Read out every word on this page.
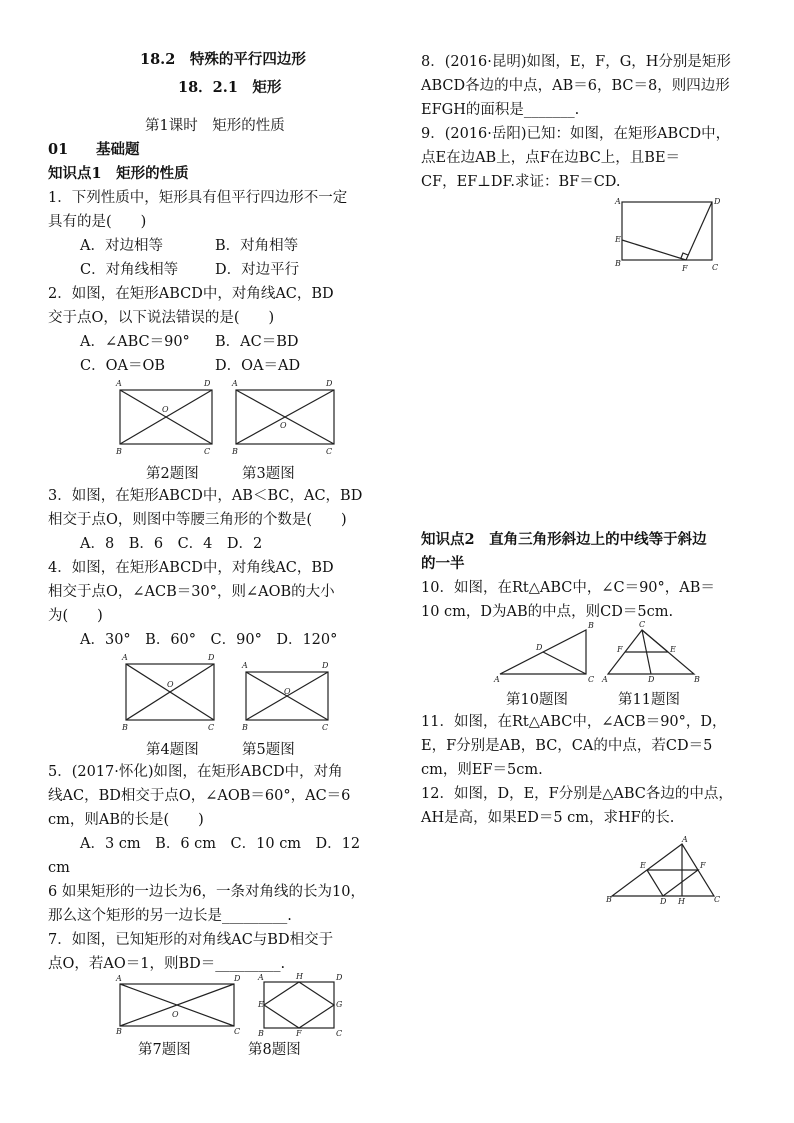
18.2　特殊的平行四边形
18．2.1　矩形
第1课时　矩形的性质
01 基础题
知识点1　矩形的性质
1．下列性质中，矩形具有但平行四边形不一定
具有的是(　　)
A．对边相等	B．对角相等
C．对角线相等	D．对边平行
2．如图，在矩形ABCD中，对角线AC，BD
交于点O，以下说法错误的是(　　)
A．∠ABC＝90° B．AC＝BD
C．OA＝OB	D．OA＝AD
A	D
B	C
O
A	D
B	C
O
第2题图	第3题图
3．如图，在矩形ABCD中，AB＜BC，AC，BD
相交于点O，则图中等腰三角形的个数是(　　)
A．8　B．6　C．4　D．2
4．如图，在矩形ABCD中，对角线AC，BD
相交于点O，∠ACB＝30°，则∠AOB的大小
为(　　)
A．30°　B．60°　C．90°　D．120°
A	D
B	C
O
A	D
B	C
O
第4题图	第5题图
5．(2017·怀化)如图，在矩形ABCD中，对角
线AC，BD相交于点O，∠AOB＝60°，AC＝6
cm，则AB的长是(　　)
A．3 cm　B．6 cm　C．10 cm　D．12
cm
6 如果矩形的一边长为6，一条对角线的长为10，
那么这个矩形的另一边长是_________.
7．如图，已知矩形的对角线AC与BD相交于
点O，若AO＝1，则BD＝_________.
A	D
B	C
O
A	D
B	C
E	G
H
F
第7题图	第8题图
8．(2016·昆明)如图，E，F，G，H分别是矩形
ABCD各边的中点，AB＝6，BC＝8，则四边形
EFGH的面积是_______.
9．(2016·岳阳)已知：如图，在矩形ABCD中，
点E在边AB上，点F在边BC上，且BE＝
CF，EF⊥DF.求证：BF＝CD.
A	D
B	C
E
F
知识点2　直角三角形斜边上的中线等于斜边
的一半
10．如图，在Rt△ABC中，∠C＝90°，AB＝
10 cm，D为AB的中点，则CD＝5cm.
B
A	C
D
C
A	B
F	E
D
第10题图	第11题图
11．如图，在Rt△ABC中，∠ACB＝90°，D，
E，F分别是AB，BC，CA的中点，若CD＝5
cm，则EF＝5cm.
12．如图，D，E，F分别是△ABC各边的中点，
AH是高，如果ED＝5 cm，求HF的长.
A
B	C
E	F
D H
